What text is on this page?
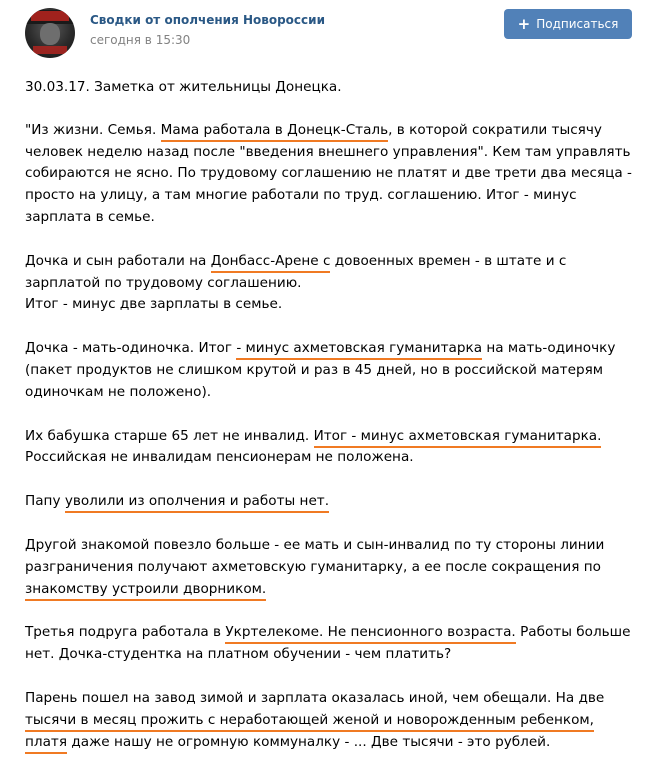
Сводки от ополчения Новороссии
сегодня в 15:30
+ Подписаться

30.03.17. Заметка от жительницы Донецка.

"Из жизни. Семья. Мама работала в Донецк-Сталь, в которой сократили тысячу человек неделю назад после "введения внешнего управления". Кем там управлять собираются не ясно. По трудовому соглашению не платят и две трети два месяца - просто на улицу, а там многие работали по труд. соглашению. Итог - минус зарплата в семье.

Дочка и сын работали на Донбасс-Арене с довоенных времен - в штате и с зарплатой по трудовому соглашению.
Итог - минус две зарплаты в семье.

Дочка - мать-одиночка. Итог - минус ахметовская гуманитарка на мать-одиночку (пакет продуктов не слишком крутой и раз в 45 дней, но в российской матерям одиночкам не положено).

Их бабушка старше 65 лет не инвалид. Итог - минус ахметовская гуманитарка. Российская не инвалидам пенсионерам не положена.

Папу уволили из ополчения и работы нет.

Другой знакомой повезло больше - ее мать и сын-инвалид по ту стороны линии разграничения получают ахметовскую гуманитарку, а ее после сокращения по знакомству устроили дворником.

Третья подруга работала в Укртелекоме. Не пенсионного возраста. Работы больше нет. Дочка-студентка на платном обучении - чем платить?

Парень пошел на завод зимой и зарплата оказалась иной, чем обещали. На две тысячи в месяц прожить с неработающей женой и новорожденным ребенком, платя даже нашу не огромную коммуналку - ... Две тысячи - это рублей.
